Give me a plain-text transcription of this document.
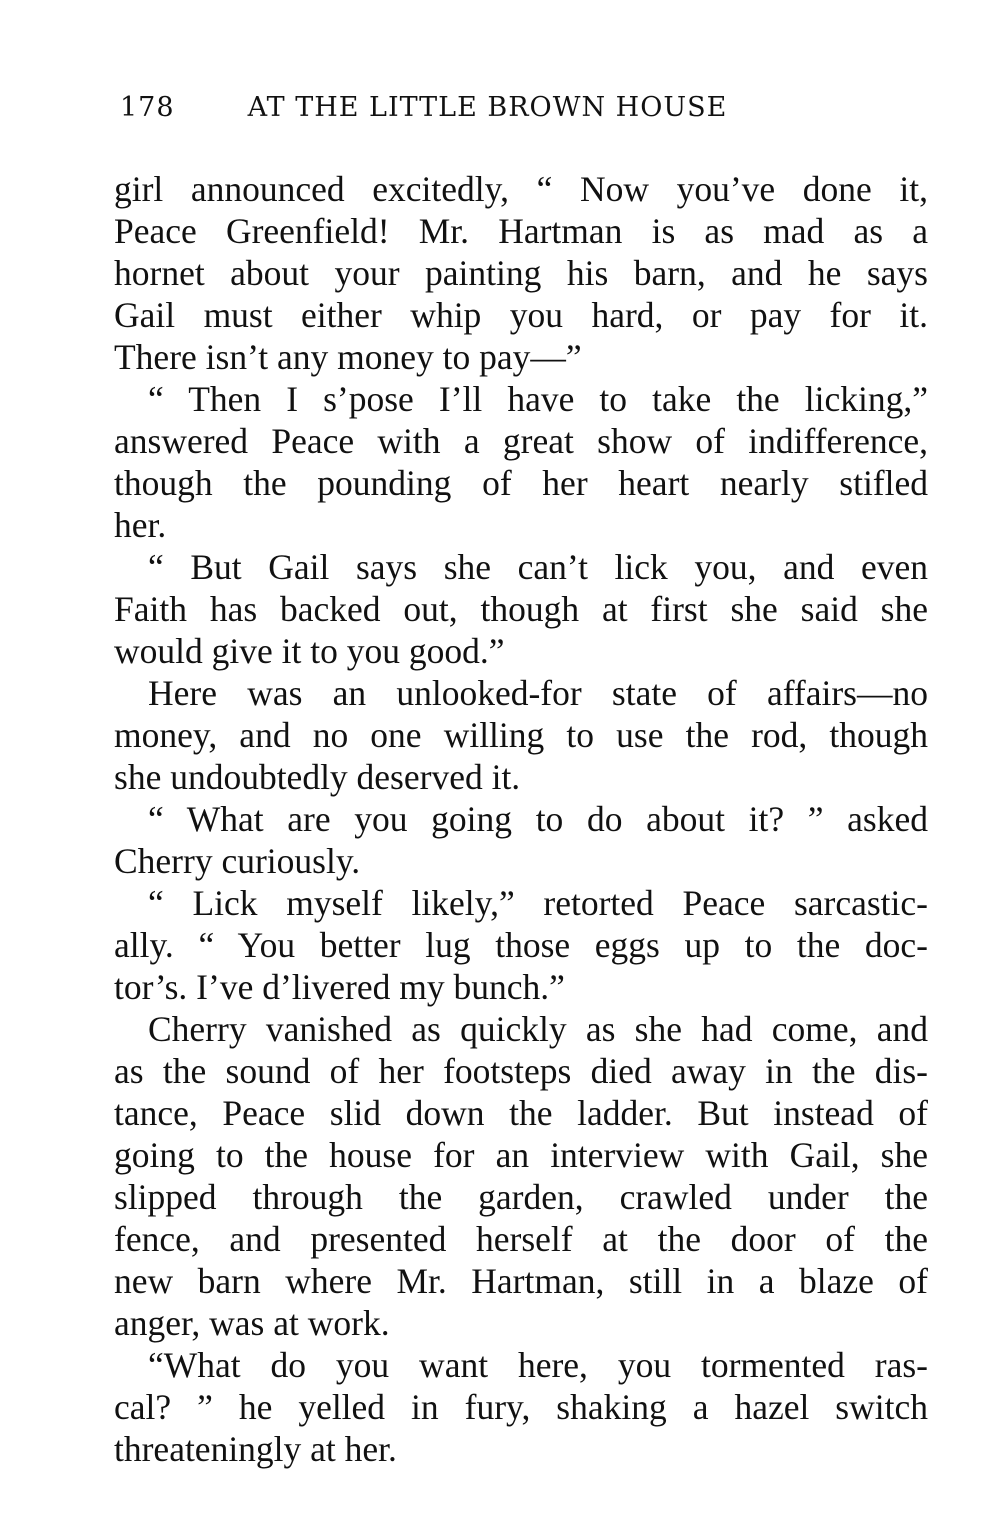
178	AT THE LITTLE BROWN HOUSE
girl announced excitedly, “ Now you’ve done it,
Peace Greenfield! Mr. Hartman is as mad as a
hornet about your painting his barn, and he says
Gail must either whip you hard, or pay for it.
There isn’t any money to pay—”
“ Then I s’pose I’ll have to take the licking,”
answered Peace with a great show of indifference,
though the pounding of her heart nearly stifled
her.
“ But Gail says she can’t lick you, and even
Faith has backed out, though at first she said she
would give it to you good.”
Here was an unlooked-for state of affairs—no
money, and no one willing to use the rod, though
she undoubtedly deserved it.
“ What are you going to do about it? ” asked
Cherry curiously.
“ Lick myself likely,” retorted Peace sarcastic-
ally. “ You better lug those eggs up to the doc-
tor’s. I’ve d’livered my bunch.”
Cherry vanished as quickly as she had come, and
as the sound of her footsteps died away in the dis-
tance, Peace slid down the ladder. But instead of
going to the house for an interview with Gail, she
slipped through the garden, crawled under the
fence, and presented herself at the door of the
new barn where Mr. Hartman, still in a blaze of
anger, was at work.
“What do you want here, you tormented ras-
cal? ” he yelled in fury, shaking a hazel switch
threateningly at her.
